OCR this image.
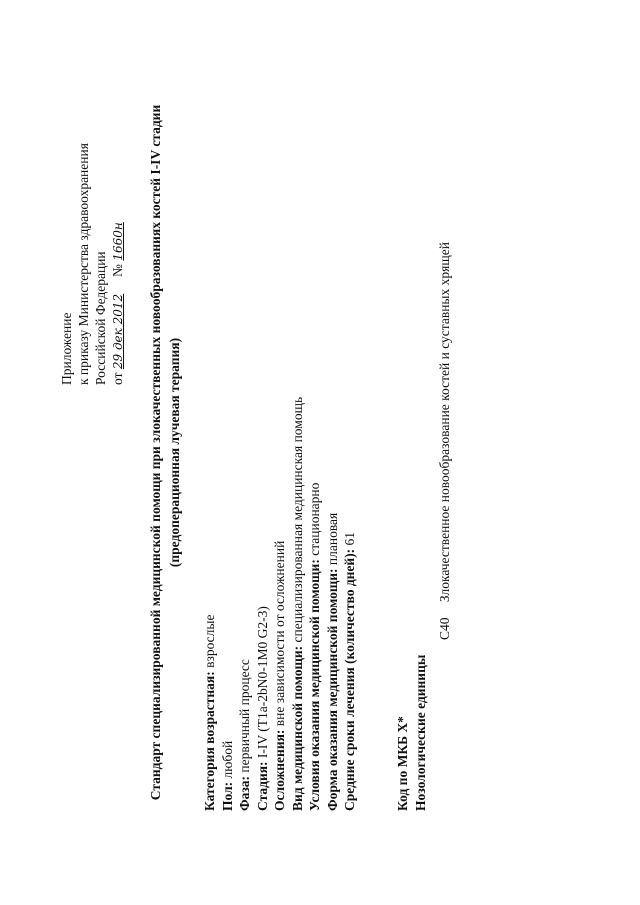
Приложение к приказу Министерства здравоохранения Российской Федерации от 29 дек 2012     № 1660н Стандарт специализированной медицинской помощи при злокачественных новообразованиях костей I-IV стадии (предоперационная лучевая терапия)
Категория возрастная: взрослые
Пол: любой
Фаза: первичный процесс
Стадия: I-IV (T1a-2bN0-1M0 G2-3)
Осложнения: вне зависимости от осложнений Вид медицинской помощи: специализированная медицинская помощь
Условия оказания медицинской помощи: стационарно
Форма оказания медицинской помощи: плановая
Средние сроки лечения (количество дней): 61
Код по МКБ X* Нозологические единицы
C40 Злокачественное новообразование костей и суставных хрящей
